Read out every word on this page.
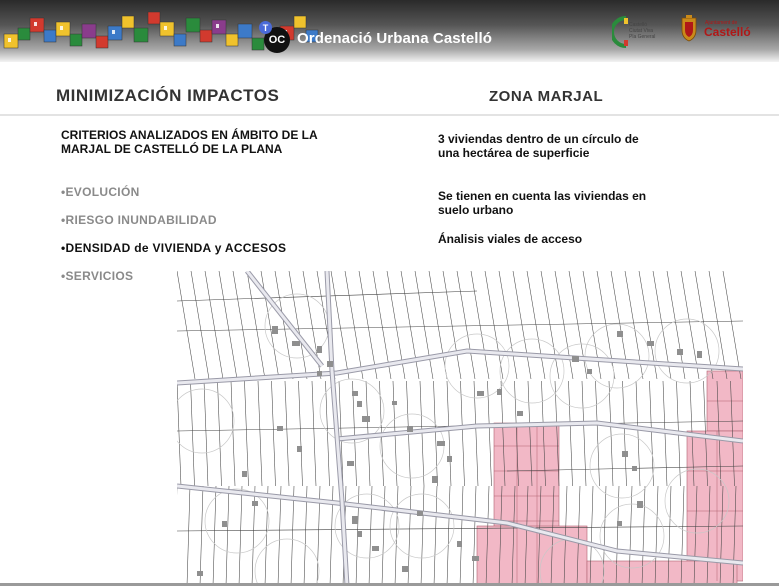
OC
T
Ordenació Urbana Castelló
Castelló
Ciutat Viva
Pla General
Ajuntament de
Castelló
MINIMIZACIÓN IMPACTOS	ZONA MARJAL
CRITERIOS ANALIZADOS EN ÁMBITO DE LA MARJAL DE CASTELLÓ DE LA PLANA
•EVOLUCIÓN
•RIESGO INUNDABILIDAD
•DENSIDAD de VIVIENDA y ACCESOS
•SERVICIOS
3 viviendas dentro de un círculo de una hectárea de superficie
Se tienen en cuenta las viviendas en suelo urbano
Ánalisis viales de acceso
